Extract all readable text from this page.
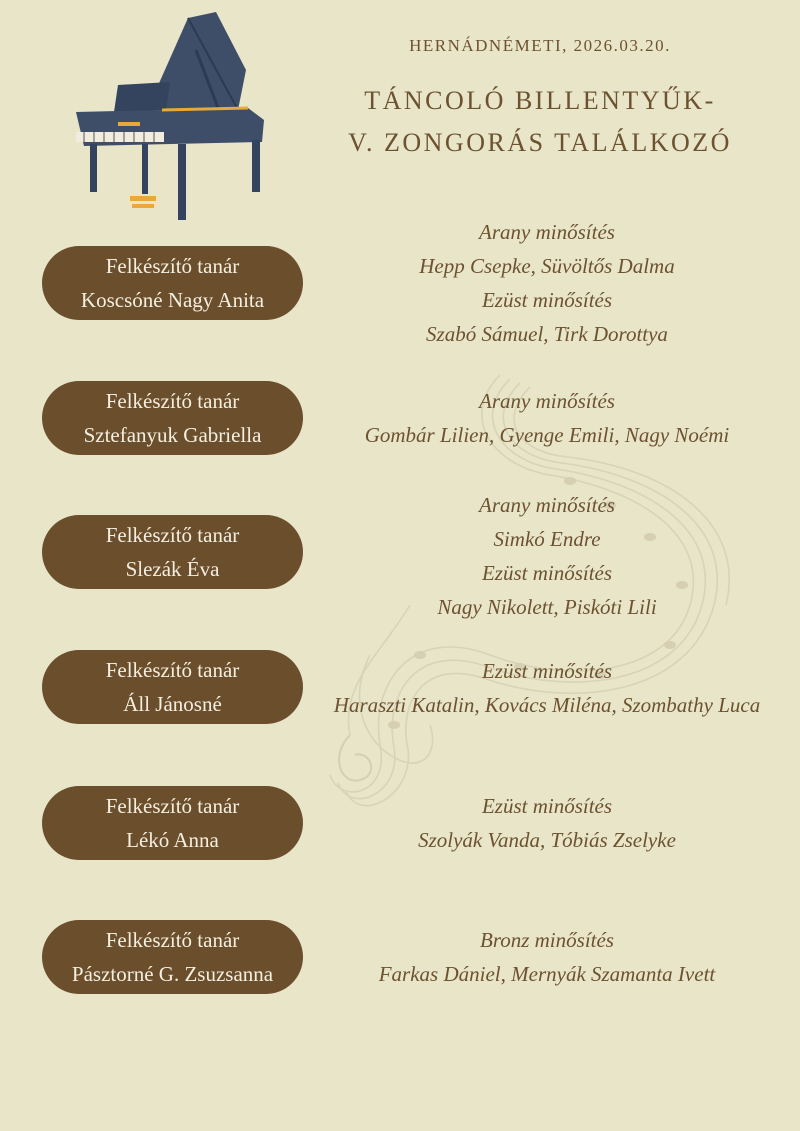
HERNÁDNÉMETI, 2026.03.20.
TÁNCOLÓ BILLENTYŰK-
V. ZONGORÁS TALÁLKOZÓ
Felkészítő tanár
Koscsóné Nagy Anita
Arany minősítés
Hepp Csepke, Süvöltős Dalma
Ezüst minősítés
Szabó Sámuel, Tirk Dorottya
Felkészítő tanár
Sztefanyuk Gabriella
Arany minősítés
Gombár Lilien, Gyenge Emili, Nagy Noémi
Felkészítő tanár
Slezák Éva
Arany minősítés
Simkó Endre
Ezüst minősítés
Nagy Nikolett, Piskóti Lili
Felkészítő tanár
Áll Jánosné
Ezüst minősítés
Haraszti Katalin, Kovács Miléna, Szombathy Luca
Felkészítő tanár
Lékó Anna
Ezüst minősítés
Szolyák Vanda, Tóbiás Zselyke
Felkészítő tanár
Pásztorné G. Zsuzsanna
Bronz minősítés
Farkas Dániel, Mernyák Szamanta Ivett
